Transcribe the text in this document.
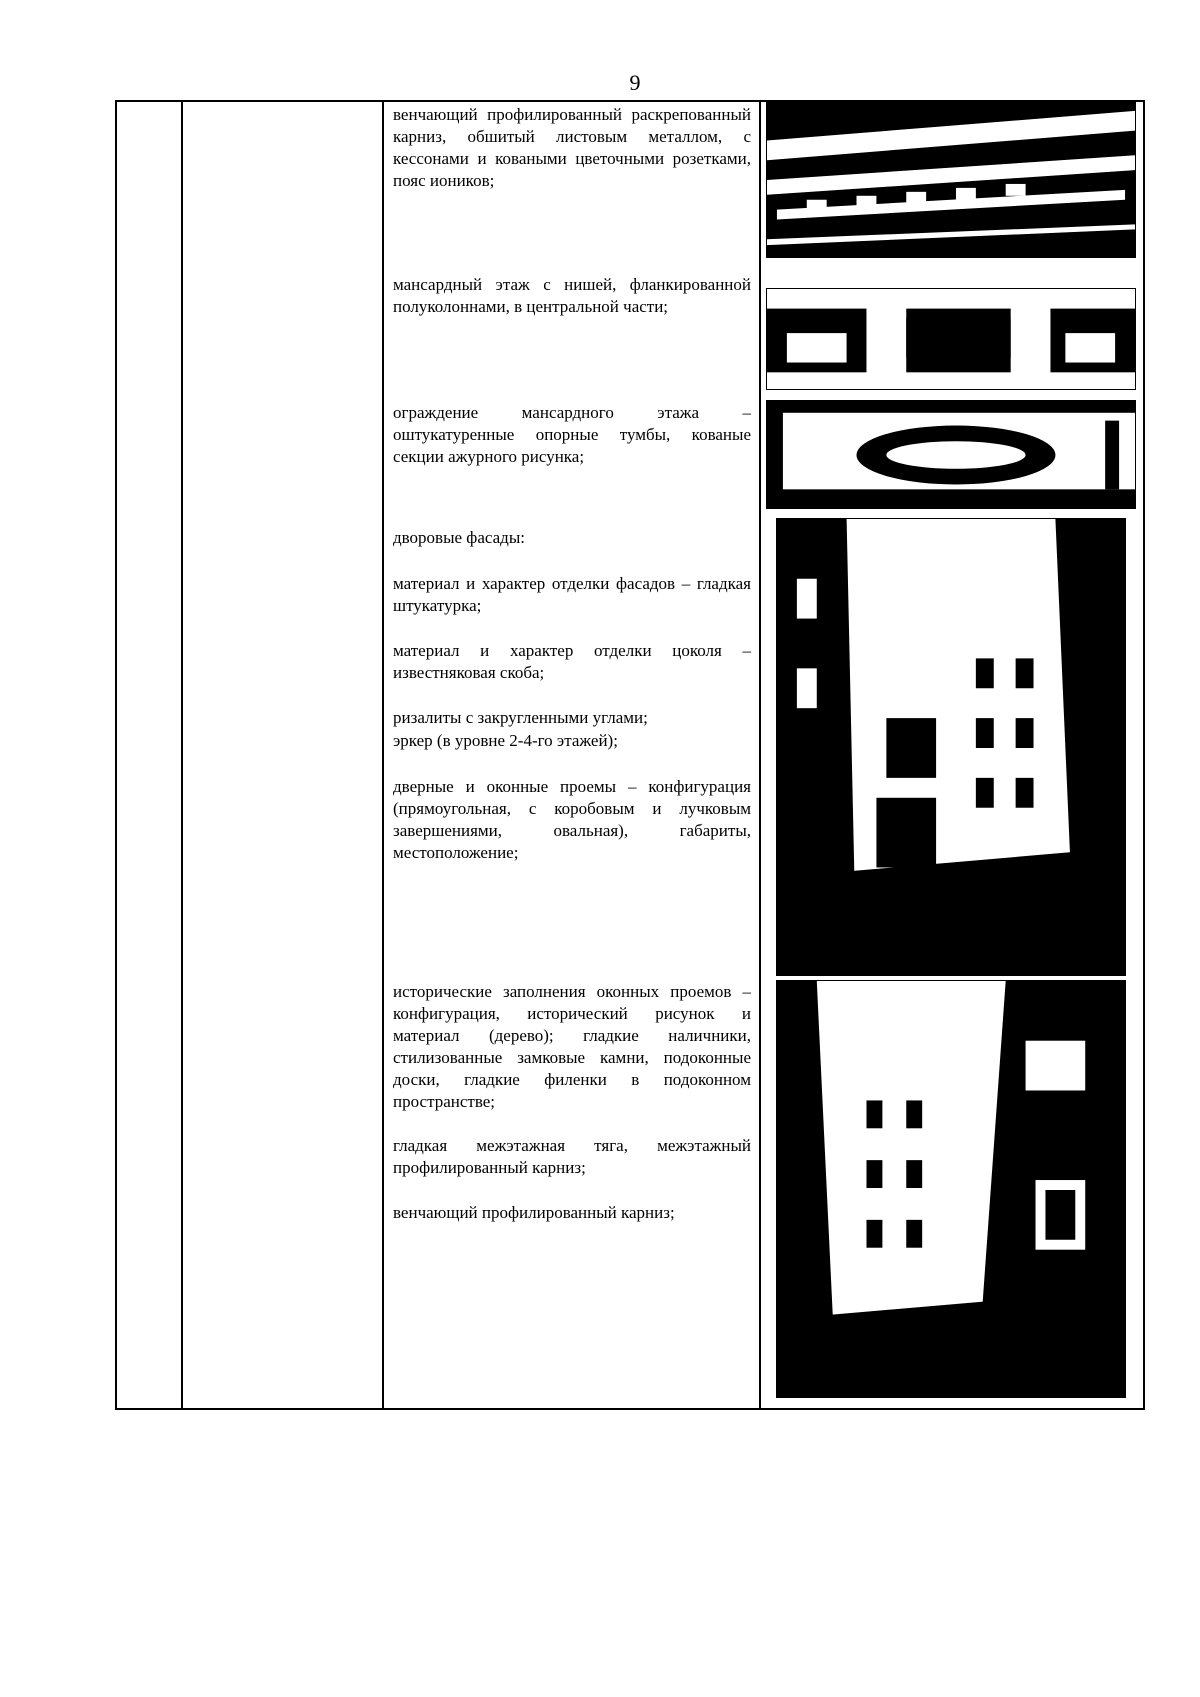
9

венчающий профилированный раскрепованный карниз, обшитый листовым металлом, с кессонами и коваными цветочными розетками, пояс иоников;

мансардный этаж с нишей, фланкированной полуколоннами, в центральной части;

ограждение мансардного этажа – оштукатуренные опорные тумбы, кованые секции ажурного рисунка;

дворовые фасады:

материал и характер отделки фасадов – гладкая штукатурка;

материал и характер отделки цоколя – известняковая скоба;

ризалиты с закругленными углами;

эркер (в уровне 2-4-го этажей);

дверные и оконные проемы – конфигурация (прямоугольная, с коробовым и лучковым завершениями, овальная), габариты, местоположение;

исторические заполнения оконных проемов – конфигурация, исторический рисунок и материал (дерево); гладкие наличники, стилизованные замковые камни, подоконные доски, гладкие филенки в подоконном пространстве;

гладкая межэтажная тяга, межэтажный профилированный карниз;

венчающий профилированный карниз;
